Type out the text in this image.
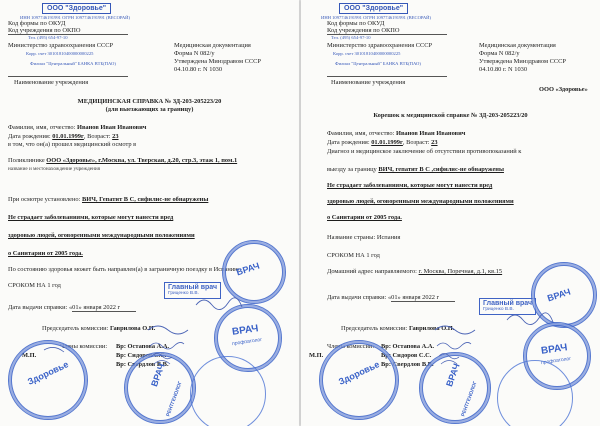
ООО "Здоровье"
ИНН 1097746191991 ОГРН 1097746191991 (ВЕСОРАЙ)
Код формы по ОКУД
Код учреждения по ОКПО
Тел. (495) 654-97-10
Министерство здравоохранения СССР
Корр. счет 30101810400000000225
Филиал "Центральный" БАНКА ВТБ(ПАО)
Медицинская документация
Форма N 082/у
Утверждена Минздравом СССР
04.10.80 г. N 1030
Наименование учреждения
МЕДИЦИНСКАЯ СПРАВКА № ЗД-203-205223/20
(для выезжающих за границу)
Фамилия, имя, отчество: Иванов Иван Иванович
Дата рождения: 01.01.1999г, Возраст: 23
в том, что он(а) прошел медицинский осмотр в
Поликлинике ООО «Здоровье», г.Москва, ул. Тверская, д.20, стр.3, этаж 1, пом.1
название и местонахождение учреждения
При осмотре установлено: ВИЧ, Гепатит В С, сифилис-не обнаружены
Не страдает заболеваниями, которые могут нанести вред
здоровью людей, оговоренными международными положениями
о Санитарии от 2005 года.
По состоянию здоровья может быть направлен(а) в заграничную поездку в Испанию
СРОКОМ НА 1 год
Дата выдачи справки: «01» января 2022 г
Председатель комиссии: Гаврилова О.П.
Члены комиссии: Вр: Остапова А.А.
Вр: Сидоров С.С.
Вр: Свердлов В.В.
М.П.
Главный врач
Гриценко В.В.
ВРАЧ
ВРАЧ
профпатолог
ВРАЧ
РЕНТГЕНОЛОГ
Здоровье
ООО "Здоровье"
ИНН 1097746191991 ОГРН 1097746191991 (ВЕСОРАЙ)
Код формы по ОКУД
Код учреждения по ОКПО
Тел. (495) 654-97-10
Министерство здравоохранения СССР
Корр. счет 30101810400000000225
Филиал "Центральный" БАНКА ВТБ(ПАО)
Медицинская документация
Форма N 082/у
Утверждена Минздравом СССР
04.10.80 г. N 1030
Наименование учреждения
ООО «Здоровье»
Корешок к медицинской справке № ЗД-203-205223/20
Фамилия, имя, отчество: Иванов Иван Иванович
Дата рождения: 01.01.1999г, Возраст: 23
Диагноз и медицинское заключение об отсутствии противопоказаний к
выезду за границу ВИЧ, гепатит В С ,сифилис-не обнаружены
Не страдает заболеваниями, которые могут нанести вред
здоровью людей, оговоренными международными положениями
о Санитарии от 2005 года.
Название страны: Испания
СРОКОМ НА 1 год
Домашний адрес направляемого: г. Москва, Поречная, д.1, кв.15
Дата выдачи справки: «01» января 2022 г
Председатель комиссии: Гаврилова О.П.
Члены комиссии: Вр: Остапова А.А.
Вр: Сидоров С.С.
Вр: Свердлов В.В.
М.П.
Главный врач
Гриценко В.В.
ВРАЧ
ВРАЧ
профпатолог
ВРАЧ
РЕНТГЕНОЛОГ
Здоровье
